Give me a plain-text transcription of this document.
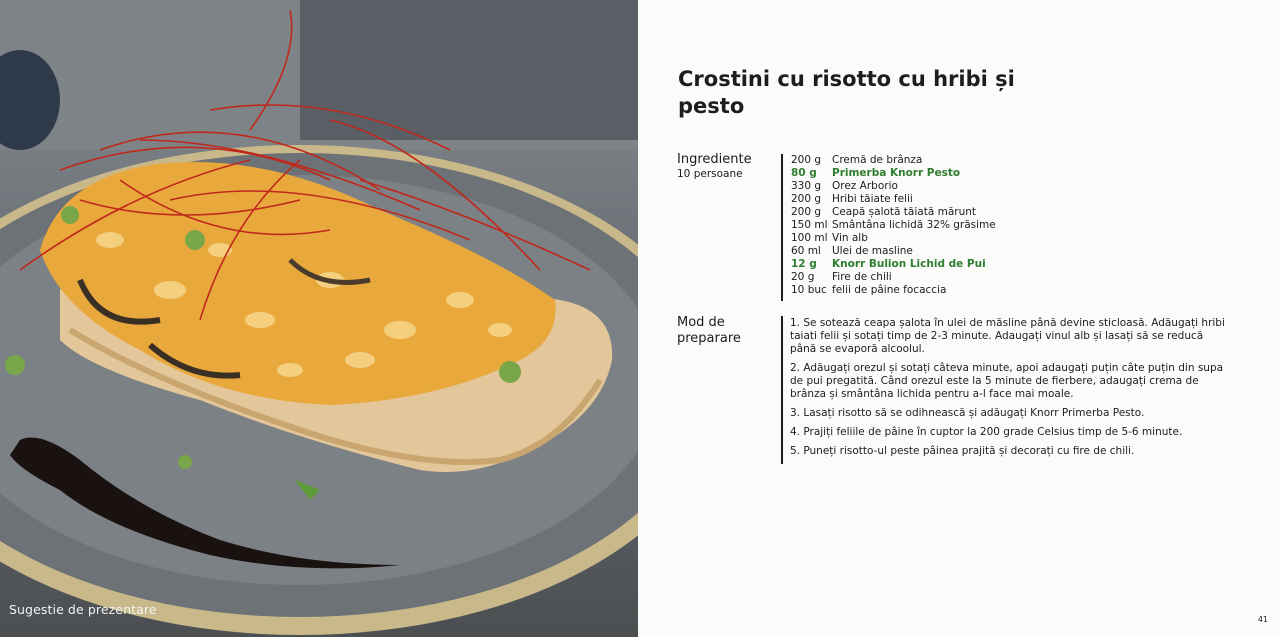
Sugestie de prezentare
Crostini cu risotto cu hribi și pesto
Ingrediente
10 persoane
200 g Cremă de brânza
80 g Primerba Knorr Pesto
330 g Orez Arborio
200 g Hribi tăiate felii
200 g Ceapă șalotă tăiată mărunt
150 ml Smântâna lichidă 32% grăsime
100 ml Vin alb
60 ml Ulei de masline
12 g Knorr Bulion Lichid de Pui
20 g Fire de chili
10 buc felii de pâine focaccia
Mod de
preparare
1. Se sotează ceapa șalota în ulei de măsline până devine sticloasă. Adăugați hribi taiati felii și sotați timp de 2-3 minute. Adaugați vinul alb și lasați să se reducă până se evaporă alcoolul.
2. Adăugați orezul și sotați câteva minute, apoi adaugați puțin câte puțin din supa de pui pregatită. Când orezul este la 5 minute de fierbere, adaugați crema de brânza și smântâna lichida pentru a-l face mai moale.
3. Lasați risotto să se odihnească și adăugați Knorr Primerba Pesto.
4. Prajiți feliile de pâine în cuptor la 200 grade Celsius timp de 5-6 minute.
5. Puneți risotto-ul peste pâinea prajită și decorați cu fire de chili.
41
